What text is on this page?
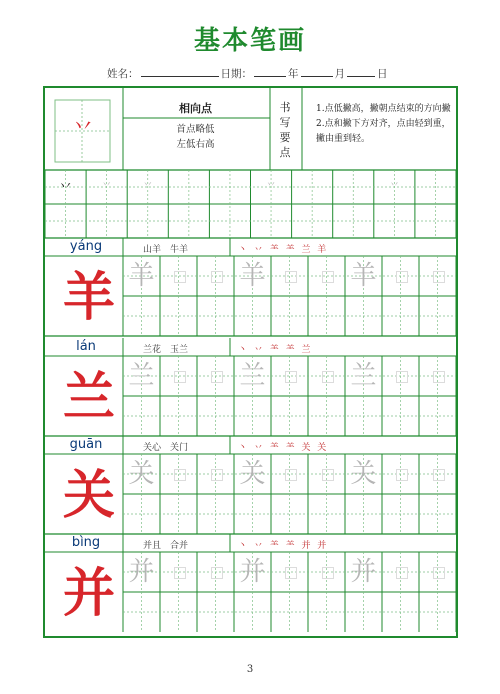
基本笔画
姓名：	日期：	年	月	日
丷
相向点
首点略低
左低右高
书
写
要
点
1.点低撇高，撇朝点结束的方向撇 2.点和撇下方对齐，点由轻到重，撇由重到轻。
丷	丷	丷	丷	丷
yáng	山羊　牛羊	丶 丷 ⺷ ⺷ 兰 羊
羊 羊	羊	羊
lán	兰花　玉兰	丶 丷 ⺷ ⺷ 兰
兰 兰	兰	兰
guān	关心　关门	丶 丷 ⺷ ⺷ 关 关
关 关	关	关
bìng	并且　合并	丶 丷 ⺷ ⺷ 并 并
并 并	并	并
3
